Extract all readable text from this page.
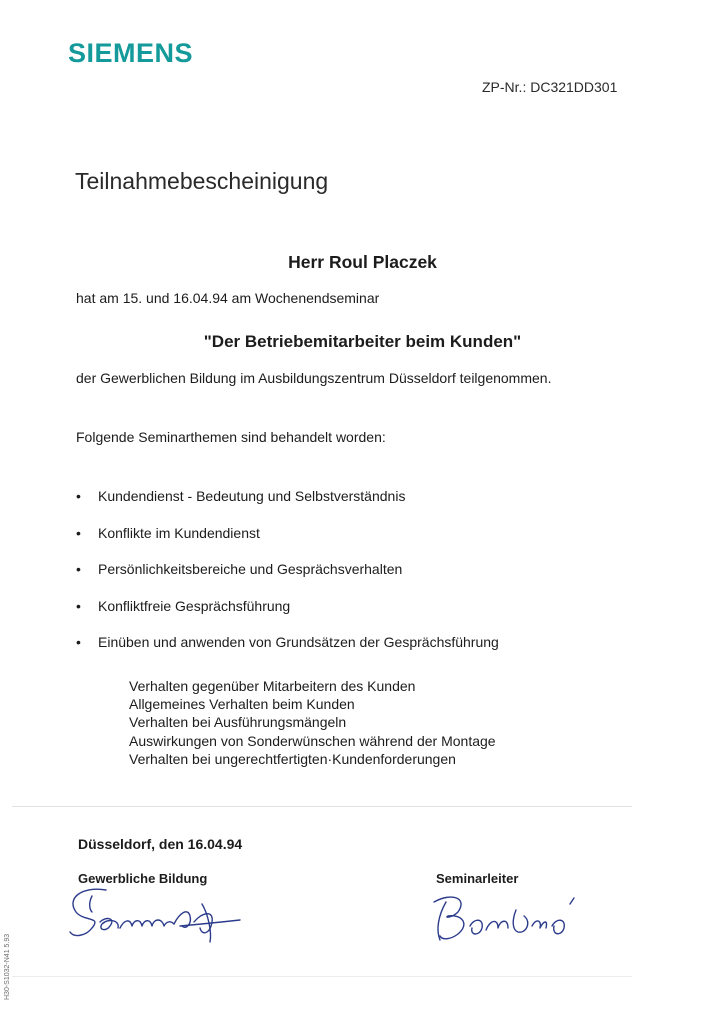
SIEMENS
ZP-Nr.: DC321DD301
Teilnahmebescheinigung
Herr Roul Placzek
hat am 15. und 16.04.94 am Wochenendseminar
"Der Betriebemitarbeiter beim Kunden"
der Gewerblichen Bildung im Ausbildungszentrum Düsseldorf teilgenommen.
Folgende Seminarthemen sind behandelt worden:
•	Kundendienst - Bedeutung und Selbstverständnis
•	Konflikte im Kundendienst
•	Persönlichkeitsbereiche und Gesprächsverhalten
•	Konfliktfreie Gesprächsführung
•	Einüben und anwenden von Grundsätzen der Gesprächsführung
Verhalten gegenüber Mitarbeitern des Kunden
Allgemeines Verhalten beim Kunden
Verhalten bei Ausführungsmängeln
Auswirkungen von Sonderwünschen während der Montage
Verhalten bei ungerechtfertigten·Kundenforderungen
Düsseldorf, den 16.04.94
Gewerbliche Bildung	Seminarleiter
H30-S1032-N41 5.93
